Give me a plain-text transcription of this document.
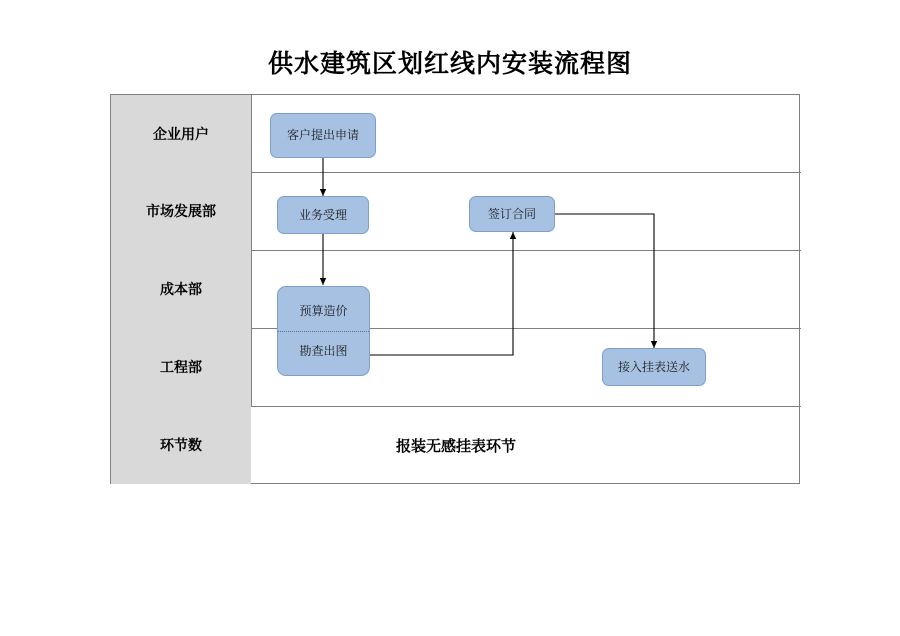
供水建筑区划红线内安装流程图
企业用户
市场发展部
成本部
工程部
环节数	报装无感挂表环节
客户提出申请
业务受理	签订合同
预算造价
勘查出图
接入挂表送水
